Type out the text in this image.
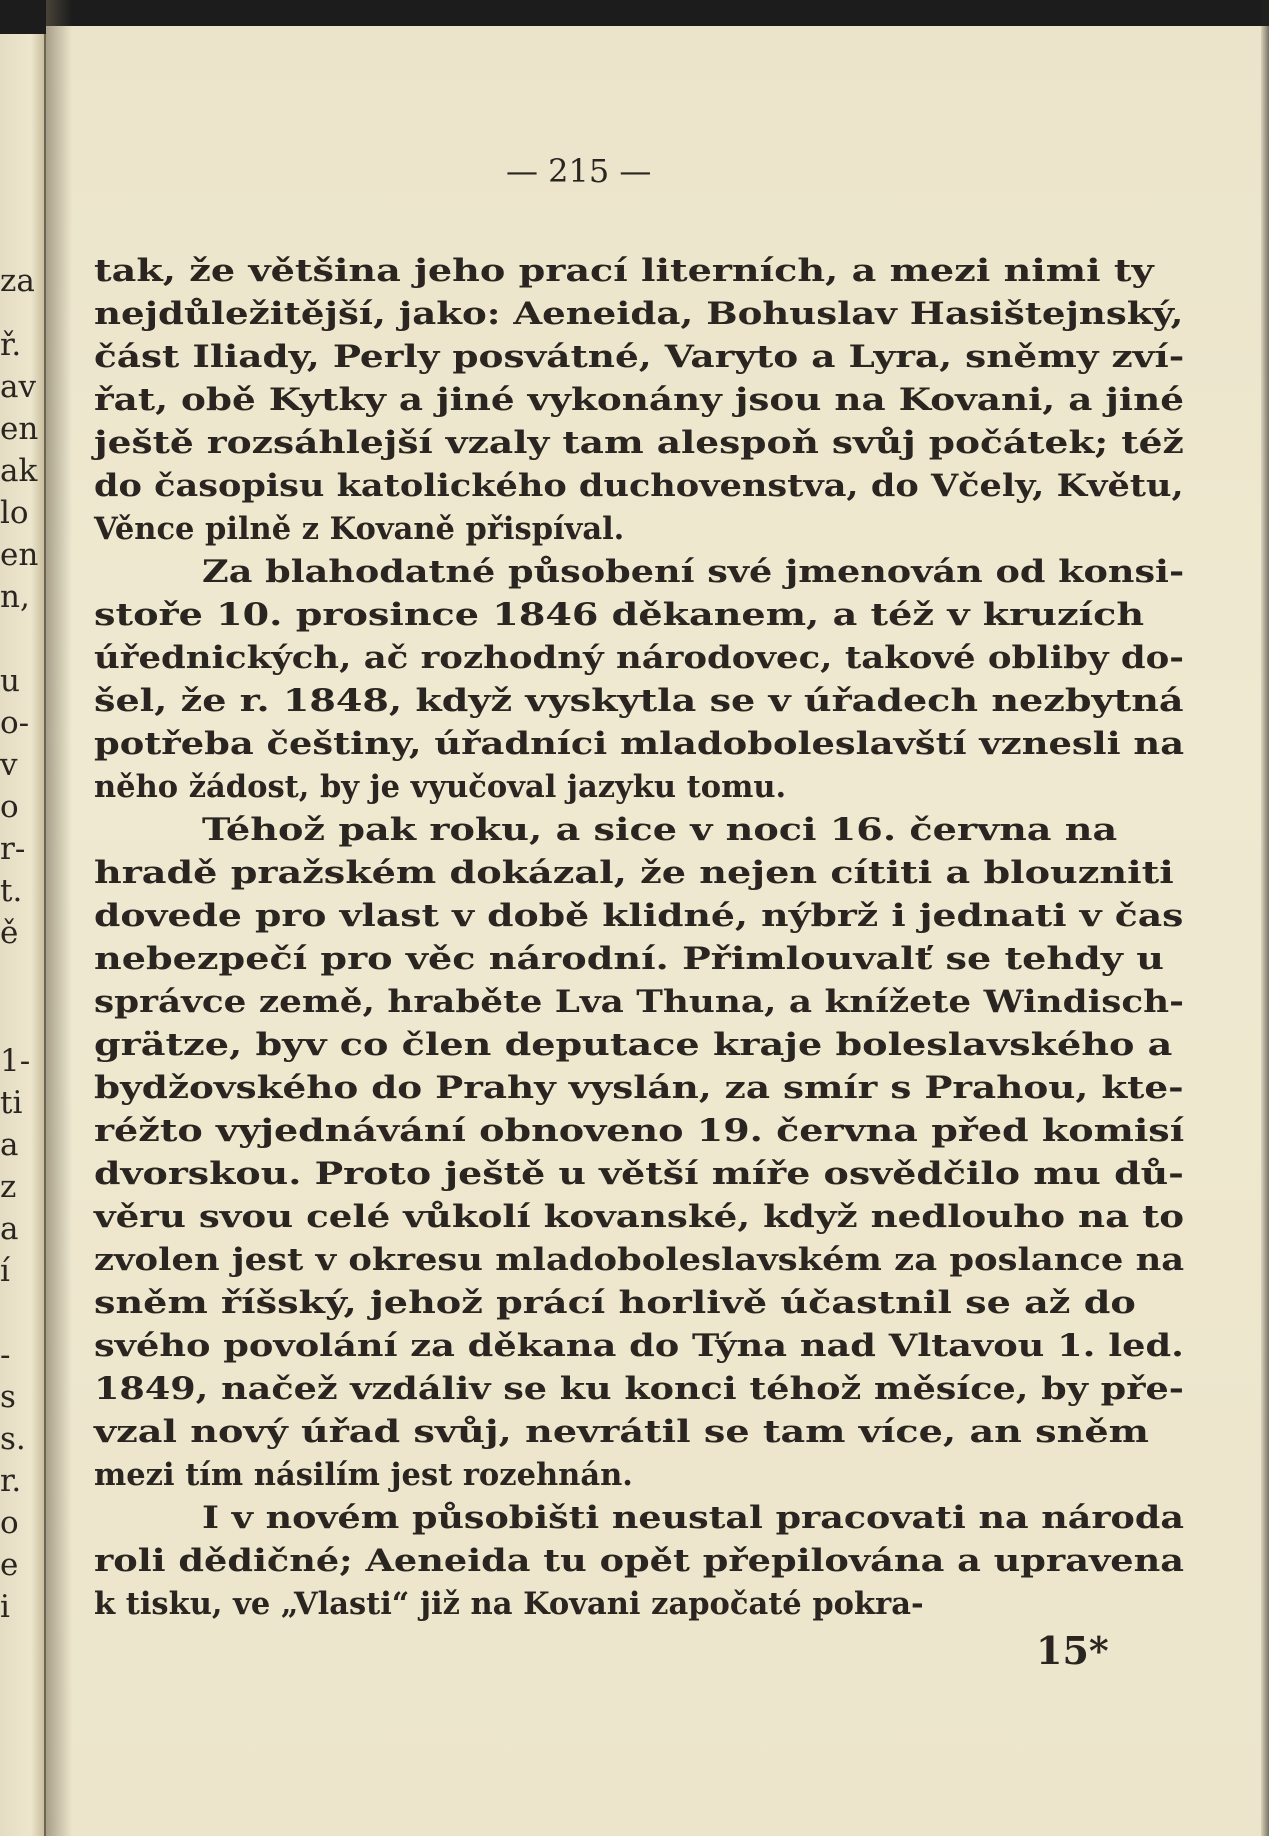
za
ř.
av
en
ak
lo
en
n,
u
o-
v
o
r-
t.
ě
1-
ti
a
z
a
í
-
s
s.
r.
o
e
i
— 215 —
tak, že většina jeho prací literních, a mezi nimi ty
nejdůležitější, jako: Aeneida, Bohuslav Hasištejnský,
část Iliady, Perly posvátné, Varyto a Lyra, sněmy zví-
řat, obě Kytky a jiné vykonány jsou na Kovani, a jiné
ještě rozsáhlejší vzaly tam alespoň svůj počátek; též
do časopisu katolického duchovenstva, do Včely, Květu,
Věnce pilně z Kovaně přispíval.
Za blahodatné působení své jmenován od konsi-
stoře 10. prosince 1846 děkanem, a též v kruzích
úřednických, ač rozhodný národovec, takové obliby do-
šel, že r. 1848, když vyskytla se v úřadech nezbytná
potřeba češtiny, úřadníci mladoboleslavští vznesli na
něho žádost, by je vyučoval jazyku tomu.
Téhož pak roku, a sice v noci 16. června na
hradě pražském dokázal, že nejen cítiti a blouzniti
dovede pro vlast v době klidné, nýbrž i jednati v čas
nebezpečí pro věc národní. Přimlouvalť se tehdy u
správce země, hraběte Lva Thuna, a knížete Windisch-
grätze, byv co člen deputace kraje boleslavského a
bydžovského do Prahy vyslán, za smír s Prahou, kte-
réžto vyjednávání obnoveno 19. června před komisí
dvorskou. Proto ještě u větší míře osvědčilo mu dů-
věru svou celé vůkolí kovanské, když nedlouho na to
zvolen jest v okresu mladoboleslavském za poslance na
sněm říšský, jehož prácí horlivě účastnil se až do
svého povolání za děkana do Týna nad Vltavou 1. led.
1849, načež vzdáliv se ku konci téhož měsíce, by pře-
vzal nový úřad svůj, nevrátil se tam více, an sněm
mezi tím násilím jest rozehnán.
I v novém působišti neustal pracovati na národa
roli dědičné; Aeneida tu opět přepilována a upravena
k tisku, ve „Vlasti“ již na Kovani započaté pokra-
15*
